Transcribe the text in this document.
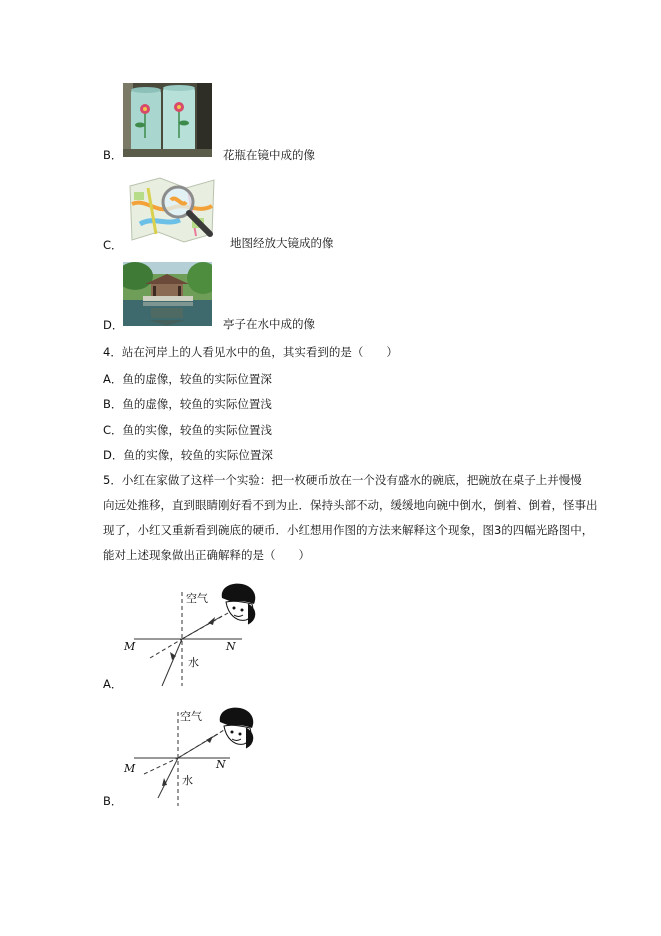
B．	花瓶在镜中成的像
C．	地图经放大镜成的像
D．	亭子在水中成的像
4．站在河岸上的人看见水中的鱼，其实看到的是（　　）
A．鱼的虚像，较鱼的实际位置深
B．鱼的虚像，较鱼的实际位置浅
C．鱼的实像，较鱼的实际位置浅
D．鱼的实像，较鱼的实际位置深
5．小红在家做了这样一个实验：把一枚硬币放在一个没有盛水的碗底，把碗放在桌子上并慢慢
向远处推移，直到眼睛刚好看不到为止．保持头部不动，缓缓地向碗中倒水，倒着、倒着，怪事出
现了，小红又重新看到碗底的硬币．小红想用作图的方法来解释这个现象，图3的四幅光路图中，
能对上述现象做出正确解释的是（　　）
空气
水
M	N
A．
空气
水
M	N
B．
